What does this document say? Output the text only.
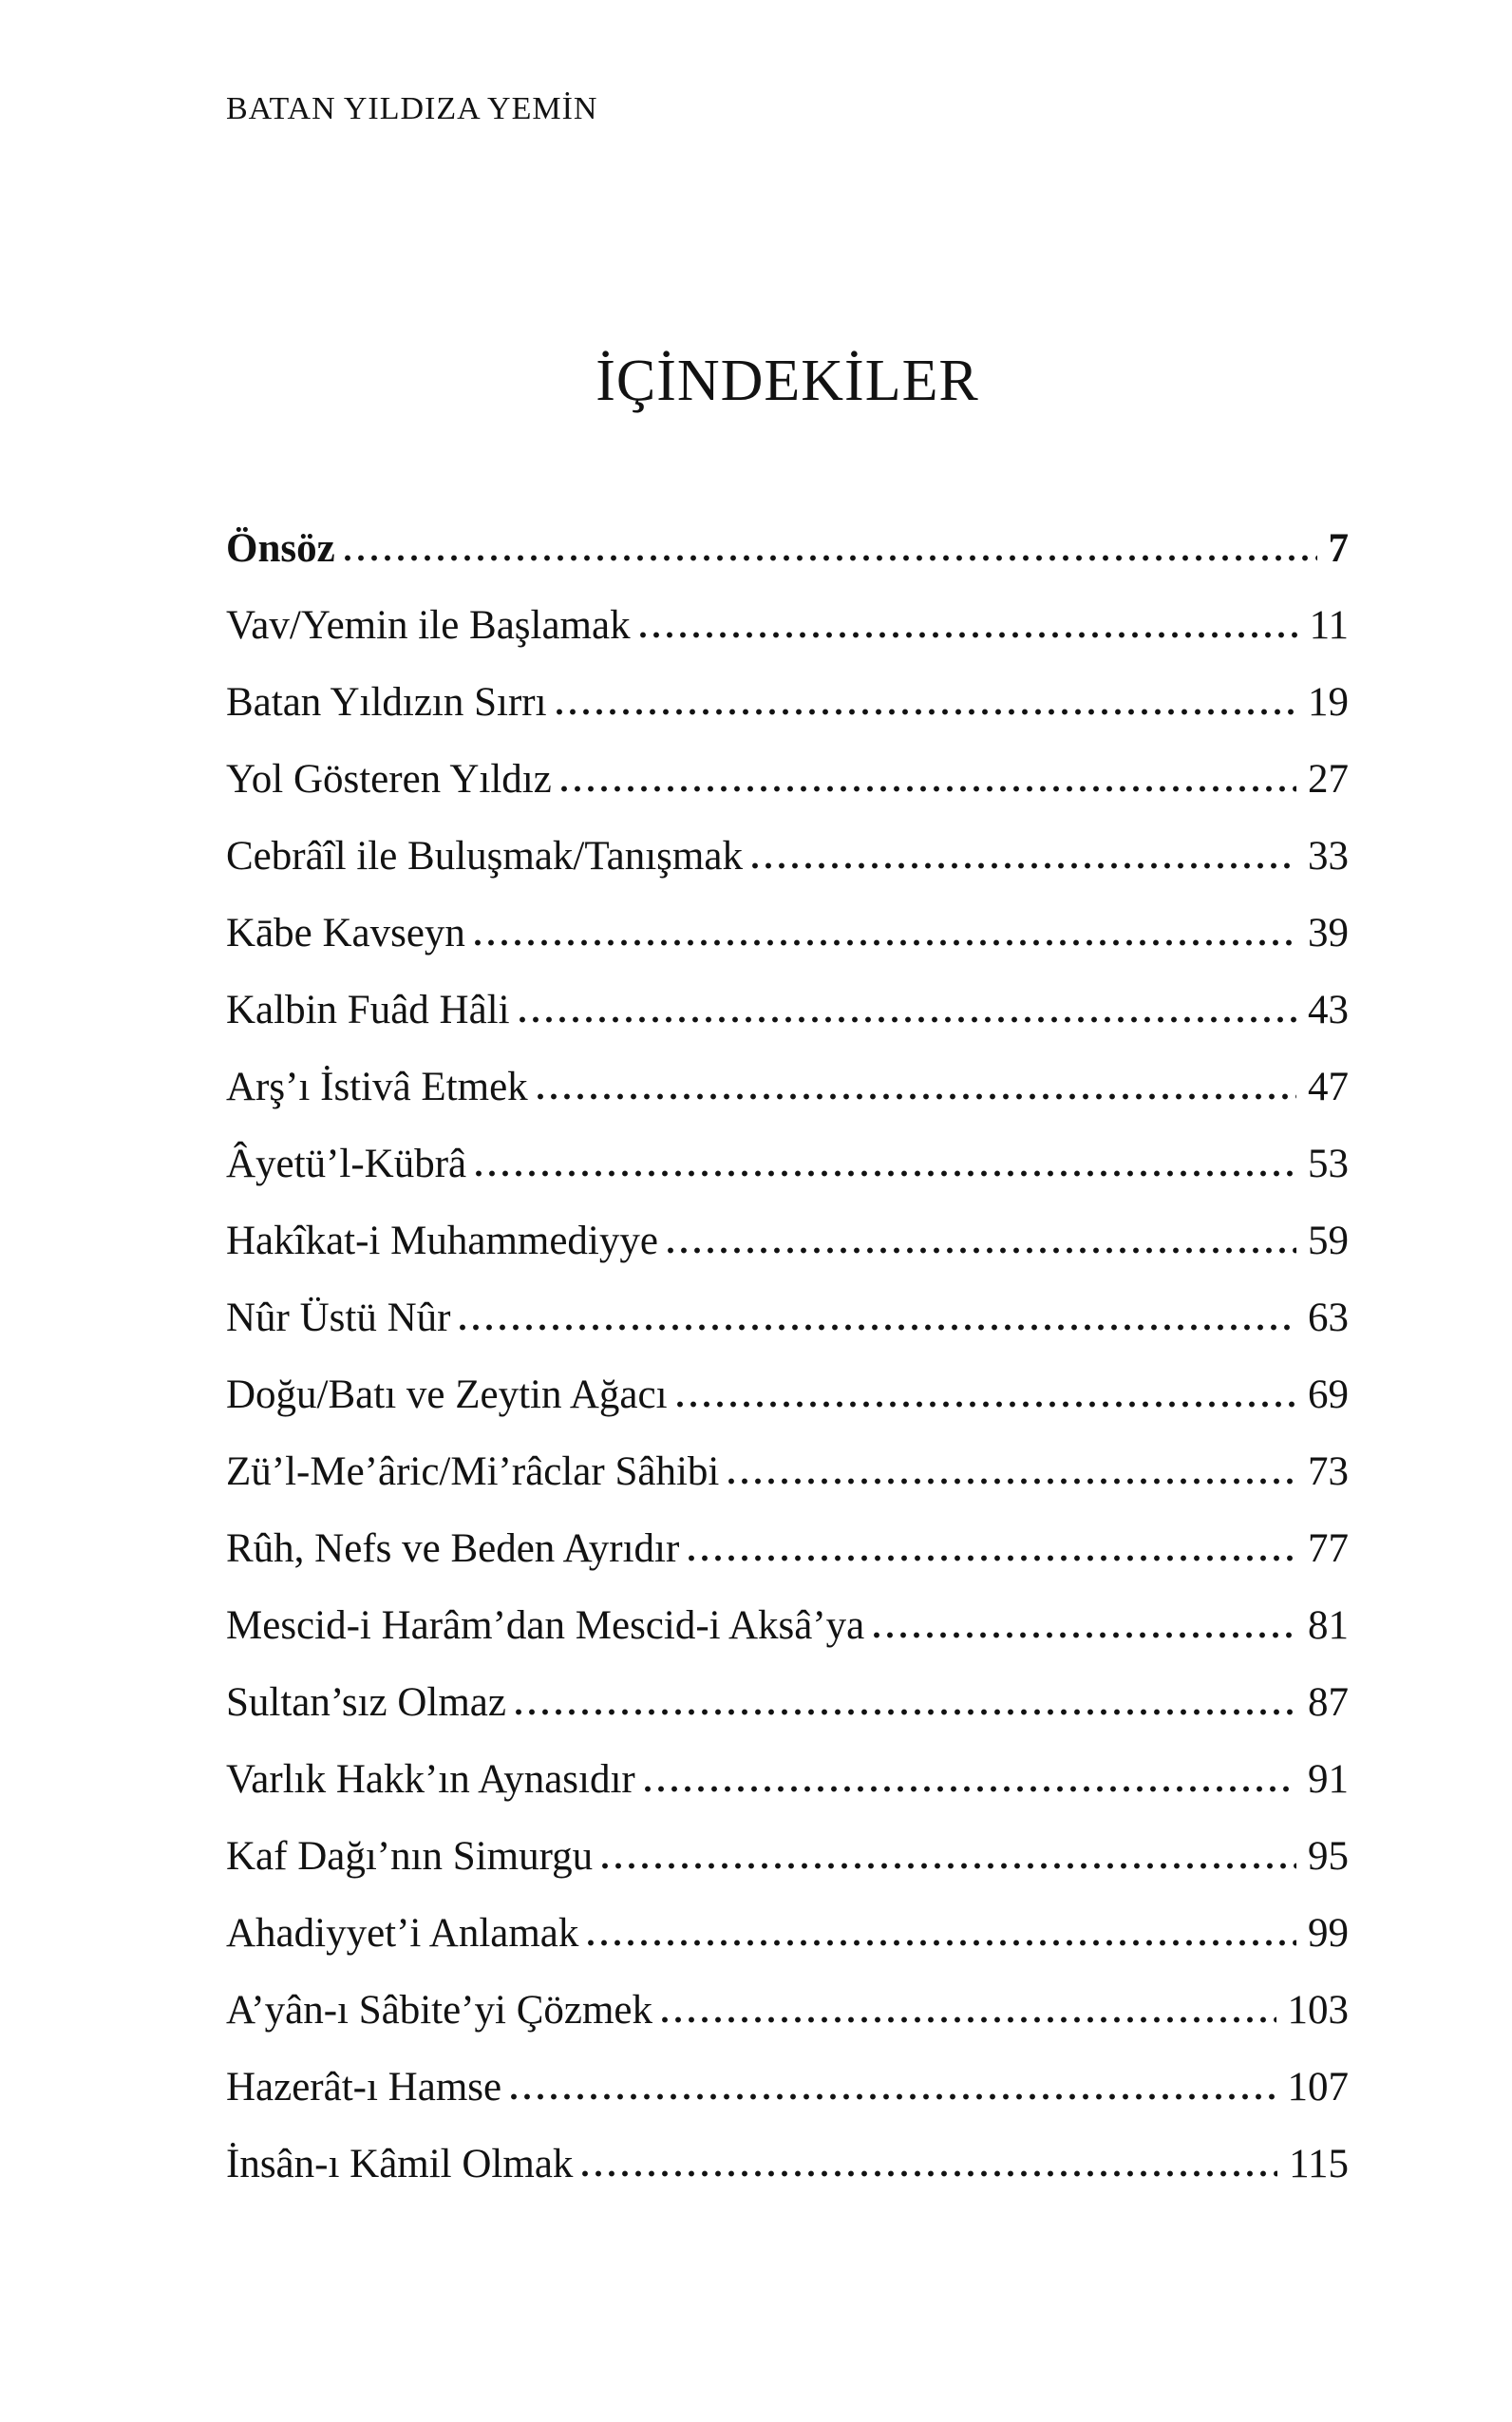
BATAN YILDIZA YEMİN
İÇİNDEKİLER
Önsöz	7
Vav/Yemin ile Başlamak	11
Batan Yıldızın Sırrı	19
Yol Gösteren Yıldız	27
Cebrâîl ile Buluşmak/Tanışmak	33
Kābe Kavseyn	39
Kalbin Fuâd Hâli	43
Arş’ı İstivâ Etmek	47
Âyetü’l-Kübrâ	53
Hakîkat-i Muhammediyye	59
Nûr Üstü Nûr	63
Doğu/Batı ve Zeytin Ağacı	69
Zü’l-Me’âric/Mi’râclar Sâhibi	73
Rûh, Nefs ve Beden Ayrıdır	77
Mescid-i Harâm’dan Mescid-i Aksâ’ya	81
Sultan’sız Olmaz	87
Varlık Hakk’ın Aynasıdır	91
Kaf Dağı’nın Simurgu	95
Ahadiyyet’i Anlamak	99
A’yân-ı Sâbite’yi Çözmek	103
Hazerât-ı Hamse	107
İnsân-ı Kâmil Olmak	115
